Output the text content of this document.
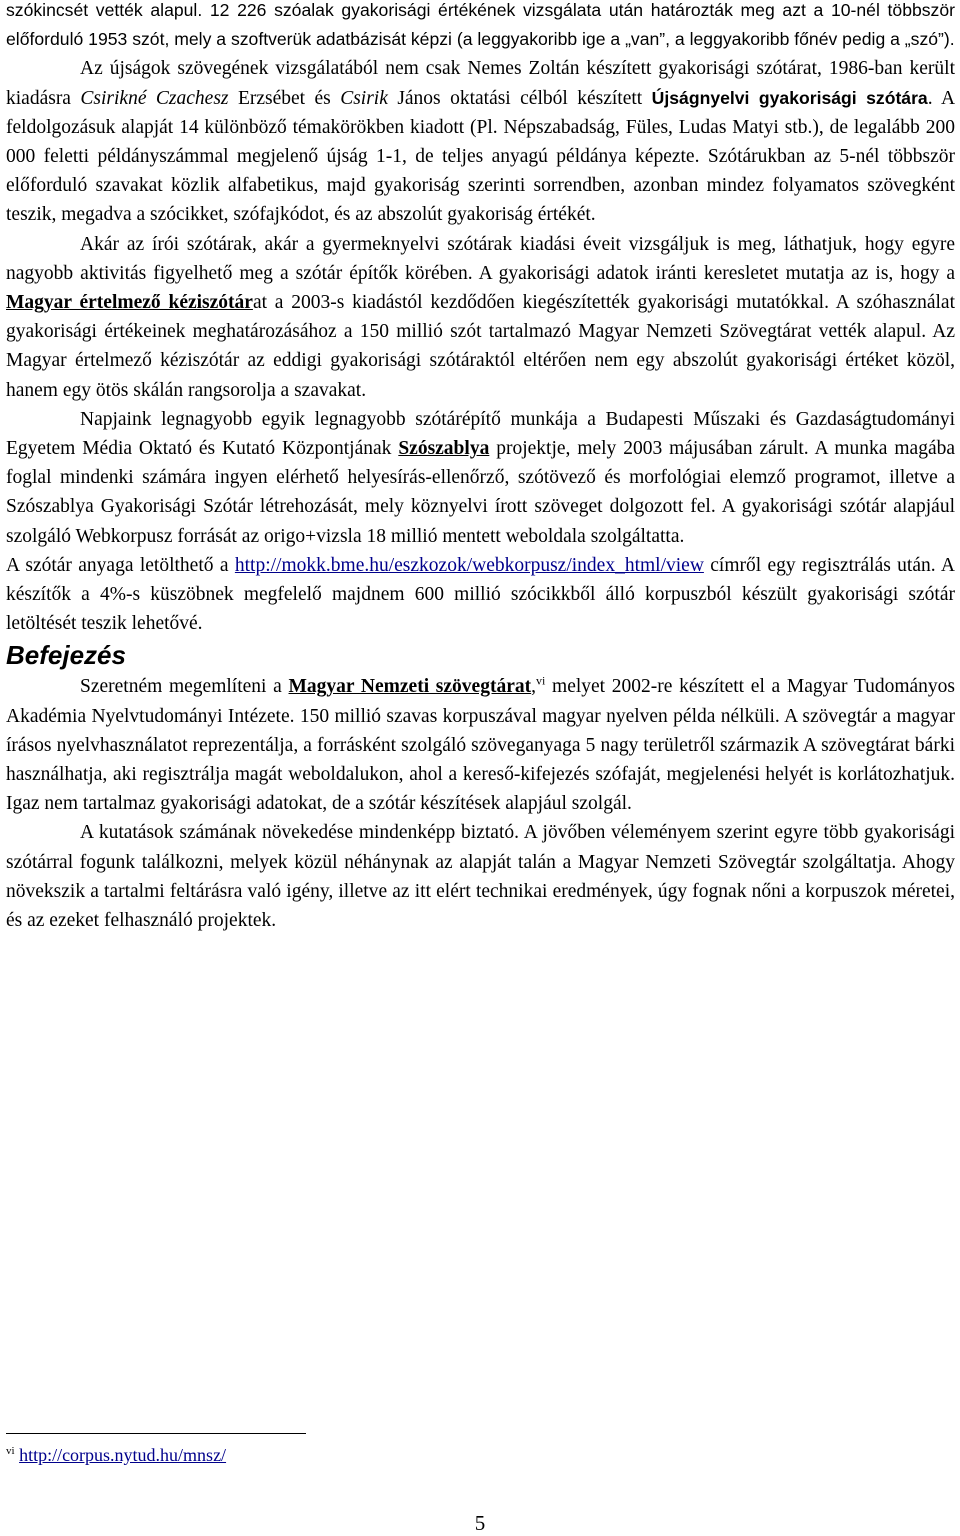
szókincsét vették alapul. 12 226 szóalak gyakorisági értékének vizsgálata után határozták meg azt a 10-nél többször előforduló 1953 szót, mely a szoftverük adatbázisát képzi (a leggyakoribb ige a „van”, a leggyakoribb főnév pedig a „szó”).

Az újságok szövegének vizsgálatából nem csak Nemes Zoltán készített gyakorisági szótárat, 1986-ban került kiadásra Csirikné Czachesz Erzsébet és Csirik János oktatási célból készített Újságnyelvi gyakorisági szótára. A feldolgozásuk alapját 14 különböző témakörökben kiadott (Pl. Népszabadság, Füles, Ludas Matyi stb.), de legalább 200 000 feletti példányszámmal megjelenő újság 1-1, de teljes anyagú példánya képezte. Szótárukban az 5-nél többször előforduló szavakat közlik alfabetikus, majd gyakoriság szerinti sorrendben, azonban mindez folyamatos szövegként teszik, megadva a szócikket, szófajkódot, és az abszolút gyakoriság értékét.

Akár az írói szótárak, akár a gyermeknyelvi szótárak kiadási éveit vizsgáljuk is meg, láthatjuk, hogy egyre nagyobb aktivitás figyelhető meg a szótár építők körében. A gyakorisági adatok iránti keresletet mutatja az is, hogy a Magyar értelmező kéziszótárat a 2003-s kiadástól kezdődően kiegészítették gyakorisági mutatókkal. A szóhasználat gyakorisági értékeinek meghatározásához a 150 millió szót tartalmazó Magyar Nemzeti Szövegtárat vették alapul. Az Magyar értelmező kéziszótár az eddigi gyakorisági szótáraktól eltérően nem egy abszolút gyakorisági értéket közöl, hanem egy ötös skálán rangsorolja a szavakat.

Napjaink legnagyobb egyik legnagyobb szótárépítő munkája a Budapesti Műszaki és Gazdaságtudományi Egyetem Média Oktató és Kutató Központjának Szószablya projektje, mely 2003 májusában zárult. A munka magába foglal mindenki számára ingyen elérhető helyesírás-ellenőrző, szótövező és morfológiai elemző programot, illetve a Szószablya Gyakorisági Szótár létrehozását, mely köznyelvi írott szöveget dolgozott fel. A gyakorisági szótár alapjául szolgáló Webkorpusz forrását az origo+vizsla 18 millió mentett weboldala szolgáltatta.

A szótár anyaga letölthető a http://mokk.bme.hu/eszkozok/webkorpusz/index_html/view címről egy regisztrálás után. A készítők a 4%-s küszöbnek megfelelő majdnem 600 millió szócikkből álló korpuszból készült gyakorisági szótár letöltését teszik lehetővé.

Befejezés

Szeretném megemlíteni a Magyar Nemzeti szövegtárat,$^{vi}$ melyet 2002-re készített el a Magyar Tudományos Akadémia Nyelvtudományi Intézete. 150 millió szavas korpuszával magyar nyelven példa nélküli. A szövegtár a magyar írásos nyelvhasználatot reprezentálja, a forrásként szolgáló szöveganyaga 5 nagy területről származik A szövegtárat bárki használhatja, aki regisztrálja magát weboldalukon, ahol a kereső-kifejezés szófaját, megjelenési helyét is korlátozhatjuk. Igaz nem tartalmaz gyakorisági adatokat, de a szótár készítések alapjául szolgál.

A kutatások számának növekedése mindenképp biztató. A jövőben véleményem szerint egyre több gyakorisági szótárral fogunk találkozni, melyek közül néhánynak az alapját talán a Magyar Nemzeti Szövegtár szolgáltatja. Ahogy növekszik a tartalmi feltárásra való igény, illetve az itt elért technikai eredmények, úgy fognak nőni a korpuszok méretei, és az ezeket felhasználó projektek.

$^{vi}$ http://corpus.nytud.hu/mnsz/
5
